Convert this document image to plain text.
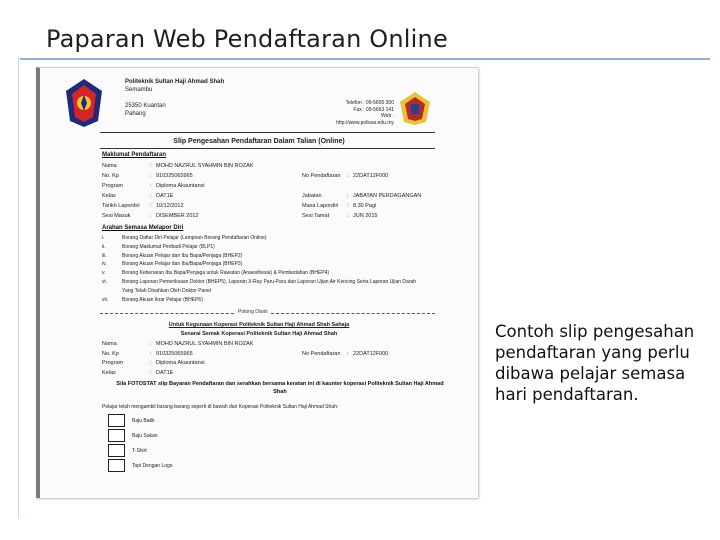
Paparan Web Pendaftaran Online
Politeknik Sultan Haji Ahmad Shah
Semambu

25350 Kuantan
Pahang
Telefon : 09-5655 300
Fax : 09-5663 141
Web : http://www.polisas.edu.my
Slip Pengesahan Pendaftaran Dalam Talian (Online)
Maklumat Pendaftaran
Nama	: MOHD NAZRUL SYAHMIN BIN ROZAK
No. Kp	: 910325065965	No Pendaftaran : 22DAT12F000
Program	: Diploma Akauntansi
Kelas	: DAT1E	Jabatan	: JABATAN PERDAGANGAN
Tarikh Lapordiri : 10/12/2012	Masa Lapordiri : 8.30 Pagi
Sesi Masuk	: DISEMBER 2012	Sesi Tamat	: JUN 2015
Arahan Semasa Melapor Diri
i.	Borang Daftar Diri Pelajar (Lampiran Borang Pendaftaran Online)
ii.	Borang Maklumat Peribadi Pelajar (BLP1)
iii.	Borang Akuan Pelajar dan Ibu Bapa/Penjaga (BHEP2)
iv.	Borang Akuan Pelajar dan Ibu/Bapa/Penjaga (BHEP3)
v.	Borang Kebenaran Ibu Bapa/Penjaga untuk Rawatan (Anaesthesia) & Pembedahan (BHEP4)
vi.	Borang Laporan Pemeriksaan Doktor (BHEP5), Laporan X-Ray Paru-Paru dan Laporan Ujian Air Kencing Serta Laporan Ujian Darah
Yang Telah Disahkan Oleh Doktor Panel
vii.	Borang Akuan Ikrar Pelajar (BHEP6)
Potong Disini
Untuk Kegunaan Koperasi Politeknik Sultan Haji Ahmad Shah Sahaja
Senarai Semak Koperasi Politeknik Sultan Haji Ahmad Shah
Nama	: MOHD NAZRUL SYAHMIN BIN ROZAK
No. Kp	: 910325065965	No Pendaftaran : 22DAT12F000
Program	: Diploma Akauntansi
Kelas	: DAT1E
Sila FOTOSTAT slip Bayaran Pendaftaran dan serahkan bersama keratan ini di kaunter koperasi Politeknik Sultan Haji Ahmad Shah
Pelajar telah mengambil barang-barang seperti di bawah dari Koperasi Politeknik Sultan Haji Ahmad Shah:
Baju Batik
Baju Sukan
T-Shirt
Topi Dengan Logo
Contoh slip pengesahan pendaftaran yang perlu dibawa pelajar semasa hari pendaftaran.
